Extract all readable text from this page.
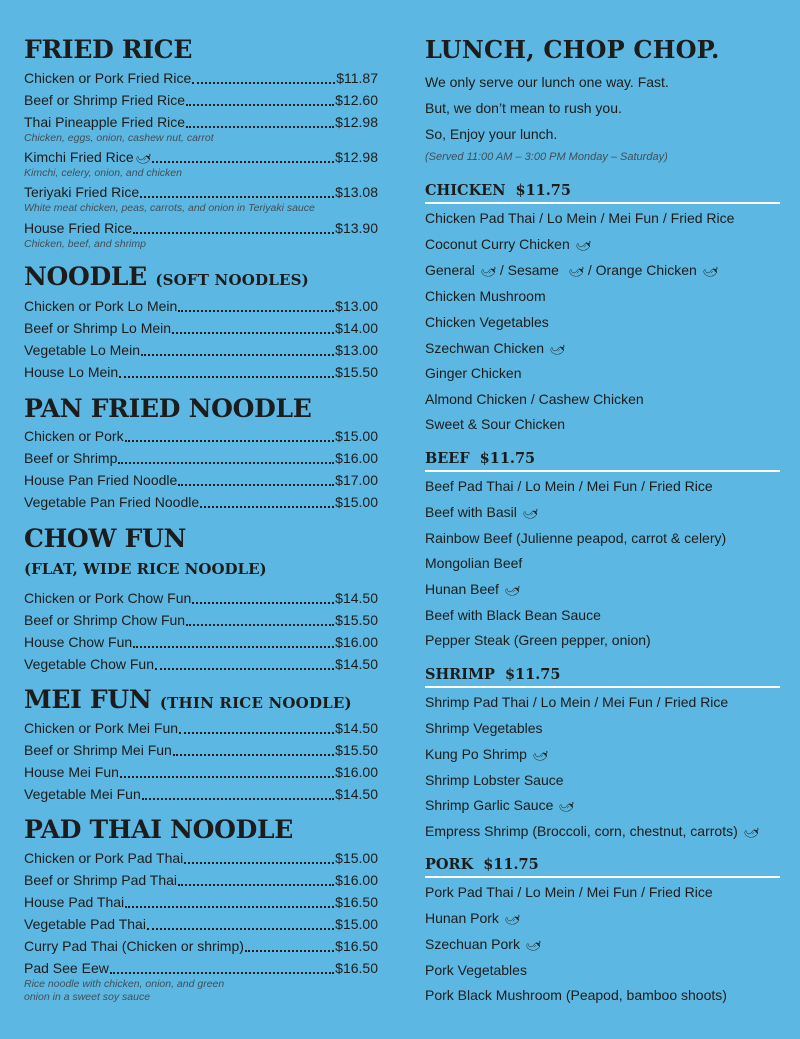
FRIED RICE
Chicken or Pork Fried Rice	$11.87
Beef or Shrimp Fried Rice	$12.60
Thai Pineapple Fried Rice	$12.98
Chicken, eggs, onion, cashew nut, carrot
Kimchi Fried Rice🌶	$12.98
Kimchi, celery, onion, and chicken
Teriyaki Fried Rice	$13.08
White meat chicken, peas, carrots, and onion in Teriyaki sauce
House Fried Rice	$13.90
Chicken, beef, and shrimp
NOODLE (SOFT NOODLES)
Chicken or Pork Lo Mein	$13.00
Beef or Shrimp Lo Mein	$14.00
Vegetable Lo Mein	$13.00
House Lo Mein	$15.50
PAN FRIED NOODLE
Chicken or Pork	$15.00
Beef or Shrimp	$16.00
House Pan Fried Noodle	$17.00
Vegetable Pan Fried Noodle	$15.00
CHOW FUN
(FLAT, WIDE RICE NOODLE)
Chicken or Pork Chow Fun	$14.50
Beef or Shrimp Chow Fun	$15.50
House Chow Fun	$16.00
Vegetable Chow Fun	$14.50
MEI FUN (THIN RICE NOODLE)
Chicken or Pork Mei Fun	$14.50
Beef or Shrimp Mei Fun	$15.50
House Mei Fun	$16.00
Vegetable Mei Fun	$14.50
PAD THAI NOODLE
Chicken or Pork Pad Thai	$15.00
Beef or Shrimp Pad Thai	$16.00
House Pad Thai	$16.50
Vegetable Pad Thai	$15.00
Curry Pad Thai (Chicken or shrimp)	$16.50
Pad See Eew	$16.50
Rice noodle with chicken, onion, and green
onion in a sweet soy sauce
LUNCH, CHOP CHOP.
We only serve our lunch one way. Fast.
But, we don’t mean to rush you.
So, Enjoy your lunch.
(Served 11:00 AM – 3:00 PM Monday – Saturday)
CHICKEN $11.75
Chicken Pad Thai / Lo Mein / Mei Fun / Fried Rice
Coconut Curry Chicken 🌶
General 🌶 / Sesame 🌶 / Orange Chicken 🌶
Chicken Mushroom
Chicken Vegetables
Szechwan Chicken 🌶
Ginger Chicken
Almond Chicken / Cashew Chicken
Sweet & Sour Chicken
BEEF $11.75
Beef Pad Thai / Lo Mein / Mei Fun / Fried Rice
Beef with Basil 🌶
Rainbow Beef (Julienne peapod, carrot & celery)
Mongolian Beef
Hunan Beef 🌶
Beef with Black Bean Sauce
Pepper Steak (Green pepper, onion)
SHRIMP $11.75
Shrimp Pad Thai / Lo Mein / Mei Fun / Fried Rice
Shrimp Vegetables
Kung Po Shrimp 🌶
Shrimp Lobster Sauce
Shrimp Garlic Sauce 🌶
Empress Shrimp (Broccoli, corn, chestnut, carrots) 🌶
PORK $11.75
Pork Pad Thai / Lo Mein / Mei Fun / Fried Rice
Hunan Pork 🌶
Szechuan Pork 🌶
Pork Vegetables
Pork Black Mushroom (Peapod, bamboo shoots)
